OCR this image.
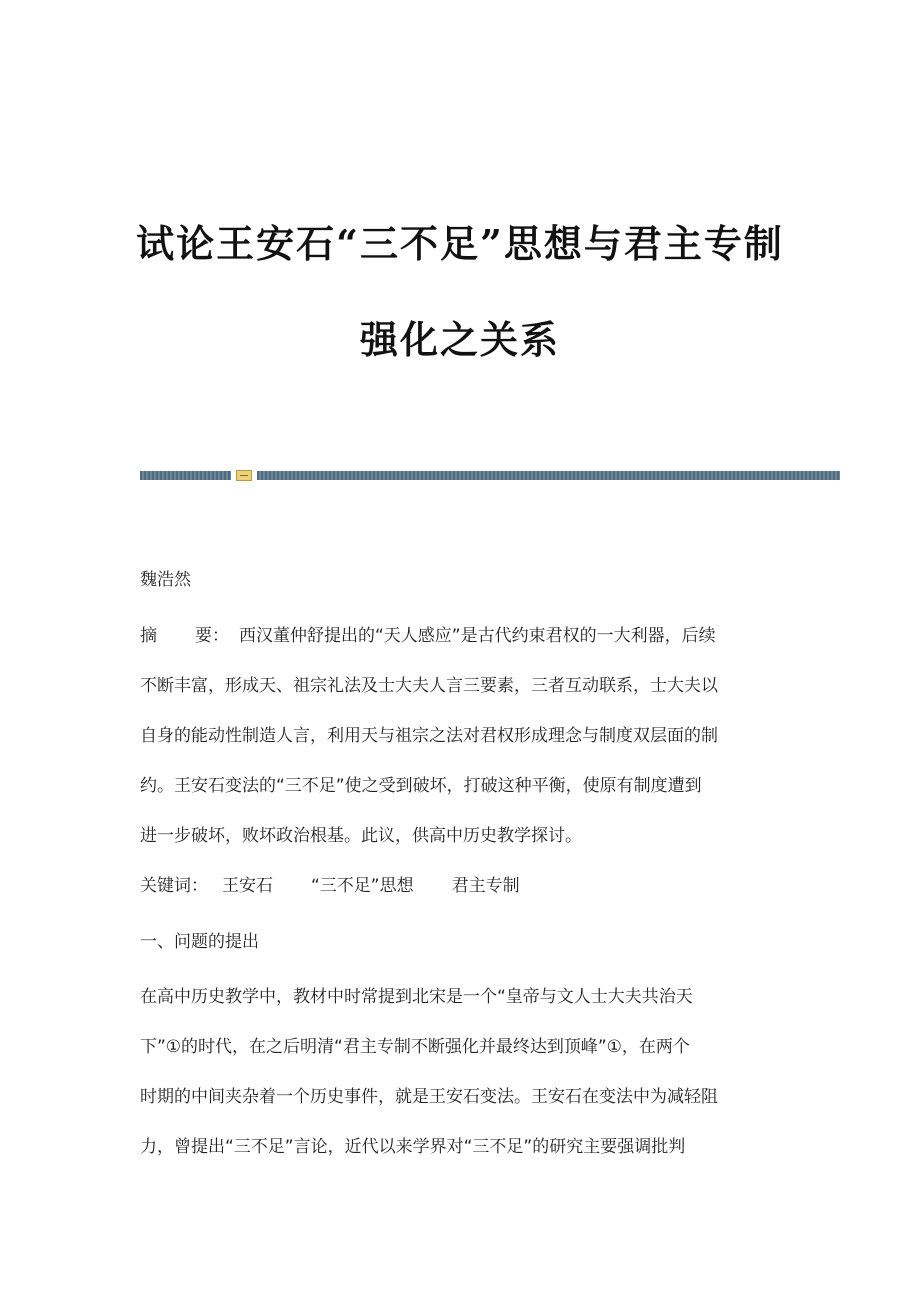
试论王安石“三不足”思想与君主专制
强化之关系
魏浩然
摘 要： 西汉董仲舒提出的“天人感应”是古代约束君权的一大利器，后续
不断丰富，形成天、祖宗礼法及士大夫人言三要素，三者互动联系，士大夫以
自身的能动性制造人言，利用天与祖宗之法对君权形成理念与制度双层面的制
约。王安石变法的“三不足”使之受到破坏，打破这种平衡，使原有制度遭到
进一步破坏，败坏政治根基。此议，供高中历史教学探讨。
关键词： 王安石 “三不足”思想 君主专制
一、问题的提出
在高中历史教学中，教材中时常提到北宋是一个“皇帝与文人士大夫共治天
下”①的时代，在之后明清“君主专制不断强化并最终达到顶峰”①，在两个
时期的中间夹杂着一个历史事件，就是王安石变法。王安石在变法中为减轻阻
力，曾提出“三不足”言论，近代以来学界对“三不足”的研究主要强调批判
